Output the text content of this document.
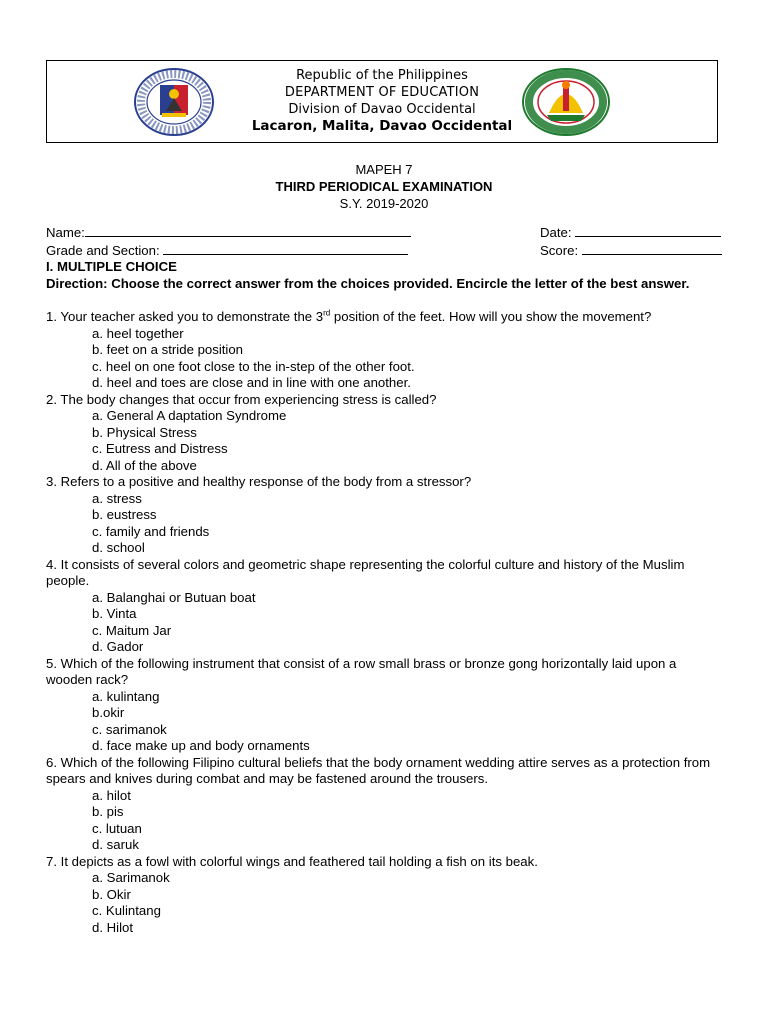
Republic of the Philippines
DEPARTMENT OF EDUCATION
Division of Davao Occidental
Lacaron, Malita, Davao Occidental
MAPEH 7
THIRD PERIODICAL EXAMINATION
S.Y. 2019-2020
Name:	Date:
Grade and Section:	Score:
I. MULTIPLE CHOICE
Direction: Choose the correct answer from the choices provided. Encircle the letter of the best answer.
1. Your teacher asked you to demonstrate the 3rd position of the feet. How will you show the movement?
a. heel together
b. feet on a stride position
c. heel on one foot close to the in-step of the other foot.
d. heel and toes are close and in line with one another.
2. The body changes that occur from experiencing stress is called?
a. General A daptation Syndrome
b. Physical Stress
c. Eutress and Distress
d. All of the above
3. Refers to a positive and healthy response of the body from a stressor?
a. stress
b. eustress
c. family and friends
d. school
4. It consists of several colors and geometric shape representing the colorful culture and history of the Muslim people.
a. Balanghai or Butuan boat
b. Vinta
c. Maitum Jar
d. Gador
5. Which of the following instrument that consist of a row small brass or bronze gong horizontally laid upon a wooden rack?
a. kulintang
b.okir
c. sarimanok
d. face make up and body ornaments
6. Which of the following Filipino cultural beliefs that the body ornament wedding attire serves as a protection from spears and knives during combat and may be fastened around the trousers.
a. hilot
b. pis
c. lutuan
d. saruk
7. It depicts as a fowl with colorful wings and feathered tail holding a fish on its beak.
a. Sarimanok
b. Okir
c. Kulintang
d. Hilot
